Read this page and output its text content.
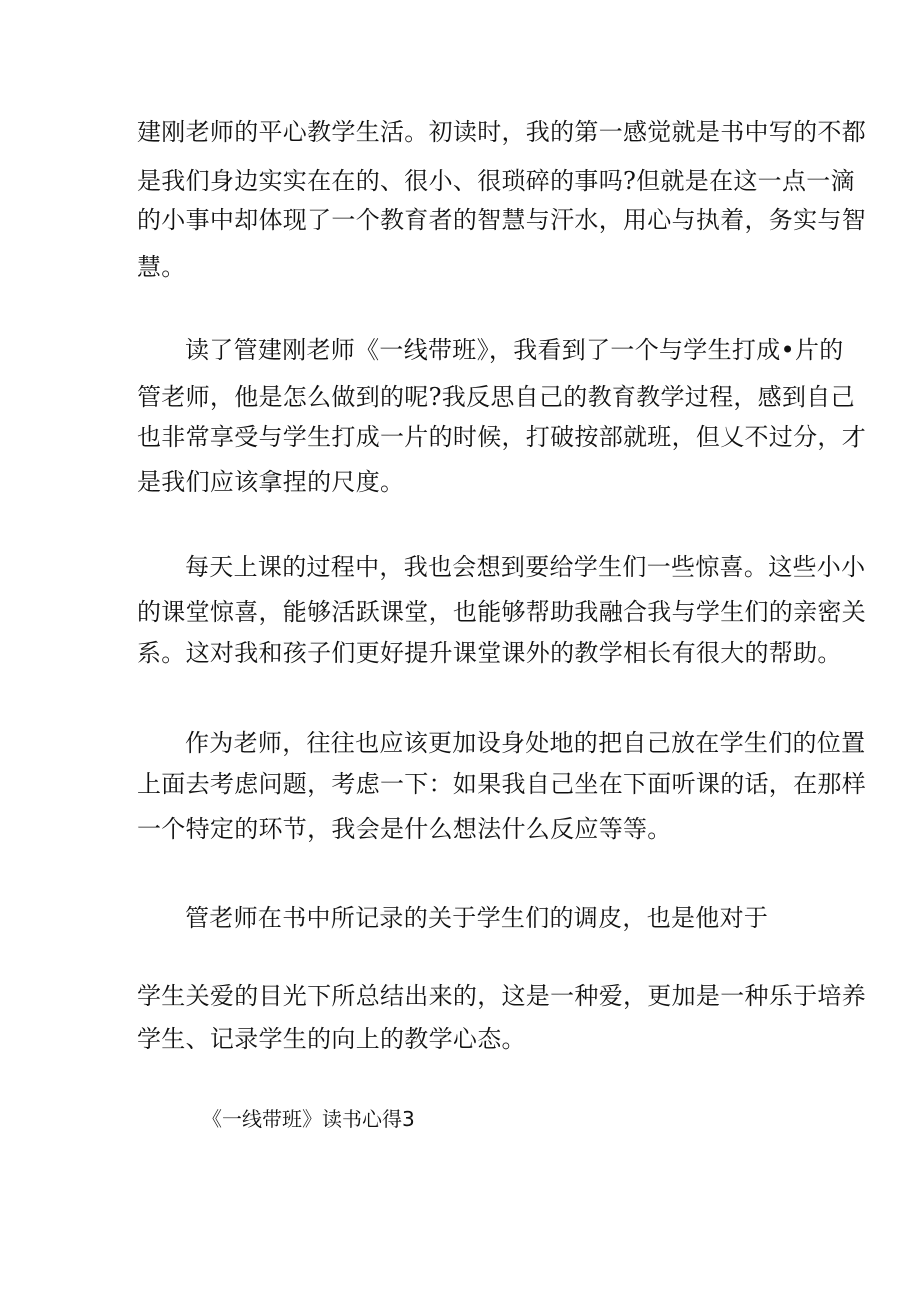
建刚老师的平心教学生活。初读时，我的第一感觉就是书中写的不都
是我们身边实实在在的、很小、很琐碎的事吗?但就是在这一点一滴
的小事中却体现了一个教育者的智慧与汗水，用心与执着，务实与智
慧。
读了管建刚老师《一线带班》，我看到了一个与学生打成•片的
管老师，他是怎么做到的呢?我反思自己的教育教学过程，感到自己
也非常享受与学生打成一片的时候，打破按部就班，但乂不过分，才
是我们应该拿捏的尺度。
每天上课的过程中，我也会想到要给学生们一些惊喜。这些小小
的课堂惊喜，能够活跃课堂，也能够帮助我融合我与学生们的亲密关
系。这对我和孩子们更好提升课堂课外的教学相长有很大的帮助。
作为老师，往往也应该更加设身处地的把自己放在学生们的位置
上面去考虑问题，考虑一下：如果我自己坐在下面听课的话，在那样
一个特定的环节，我会是什么想法什么反应等等。
管老师在书中所记录的关于学生们的调皮，也是他对于
学生关爱的目光下所总结出来的，这是一种爱，更加是一种乐于培养
学生、记录学生的向上的教学心态。
《一线带班》读书心得3
